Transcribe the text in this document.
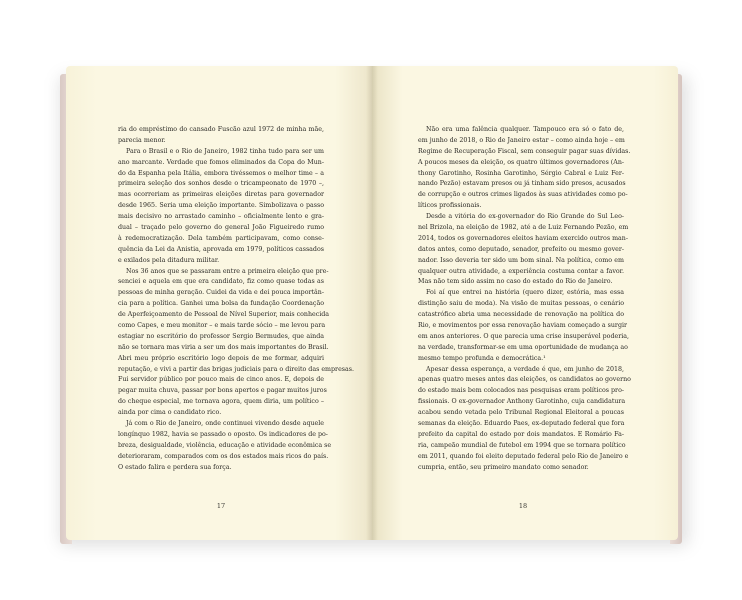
ria do empréstimo do cansado Fuscão azul 1972 de minha mãe,
parecia menor.
Para o Brasil e o Rio de Janeiro, 1982 tinha tudo para ser um
ano marcante. Verdade que fomos eliminados da Copa do Mun-
do da Espanha pela Itália, embora tivéssemos o melhor time – a
primeira seleção dos sonhos desde o tricampeonato de 1970 –,
mas ocorreriam as primeiras eleições diretas para governador
desde 1965. Seria uma eleição importante. Simbolizava o passo
mais decisivo no arrastado caminho – oficialmente lento e gra-
dual – traçado pelo governo do general João Figueiredo rumo
à redemocratização. Dela também participavam, como conse-
quência da Lei da Anistia, aprovada em 1979, políticos cassados
e exilados pela ditadura militar.
Nos 36 anos que se passaram entre a primeira eleição que pre-
senciei e aquela em que era candidato, fiz como quase todas as
pessoas de minha geração. Cuidei da vida e dei pouca importân-
cia para a política. Ganhei uma bolsa da fundação Coordenação
de Aperfeiçoamento de Pessoal de Nível Superior, mais conhecida
como Capes, e meu monitor – e mais tarde sócio – me levou para
estagiar no escritório do professor Sergio Bermudes, que ainda
não se tornara mas viria a ser um dos mais importantes do Brasil.
Abri meu próprio escritório logo depois de me formar, adquiri
reputação, e vivi a partir das brigas judiciais para o direito das empresas.
Fui servidor público por pouco mais de cinco anos. E, depois de
pegar muita chuva, passar por bons apertos e pagar muitos juros
do cheque especial, me tornava agora, quem diria, um político –
ainda por cima o candidato rico.
Já com o Rio de Janeiro, onde continuei vivendo desde aquele
longínquo 1982, havia se passado o oposto. Os indicadores de po-
breza, desigualdade, violência, educação e atividade econômica se
deterioraram, comparados com os dos estados mais ricos do país.
O estado falira e perdera sua força.
17
Não era uma falência qualquer. Tampouco era só o fato de,
em junho de 2018, o Rio de Janeiro estar – como ainda hoje – em
Regime de Recuperação Fiscal, sem conseguir pagar suas dívidas.
A poucos meses da eleição, os quatro últimos governadores (An-
thony Garotinho, Rosinha Garotinho, Sérgio Cabral e Luiz Fer-
nando Pezão) estavam presos ou já tinham sido presos, acusados
de corrupção e outros crimes ligados às suas atividades como po-
líticos profissionais.
Desde a vitória do ex-governador do Rio Grande do Sul Leo-
nel Brizola, na eleição de 1982, até a de Luiz Fernando Pezão, em
2014, todos os governadores eleitos haviam exercido outros man-
datos antes, como deputado, senador, prefeito ou mesmo gover-
nador. Isso deveria ter sido um bom sinal. Na política, como em
qualquer outra atividade, a experiência costuma contar a favor.
Mas não tem sido assim no caso do estado do Rio de Janeiro.
Foi aí que entrei na história (quero dizer, estória, mas essa
distinção saiu de moda). Na visão de muitas pessoas, o cenário
catastrófico abria uma necessidade de renovação na política do
Rio, e movimentos por essa renovação haviam começado a surgir
em anos anteriores. O que parecia uma crise insuperável poderia,
na verdade, transformar-se em uma oportunidade de mudança ao
mesmo tempo profunda e democrática.¹
Apesar dessa esperança, a verdade é que, em junho de 2018,
apenas quatro meses antes das eleições, os candidatos ao governo
do estado mais bem colocados nas pesquisas eram políticos pro-
fissionais. O ex-governador Anthony Garotinho, cuja candidatura
acabou sendo vetada pelo Tribunal Regional Eleitoral a poucas
semanas da eleição. Eduardo Paes, ex-deputado federal que fora
prefeito da capital do estado por dois mandatos. E Romário Fa-
ria, campeão mundial de futebol em 1994 que se tornara político
em 2011, quando foi eleito deputado federal pelo Rio de Janeiro e
cumpria, então, seu primeiro mandato como senador.
18
